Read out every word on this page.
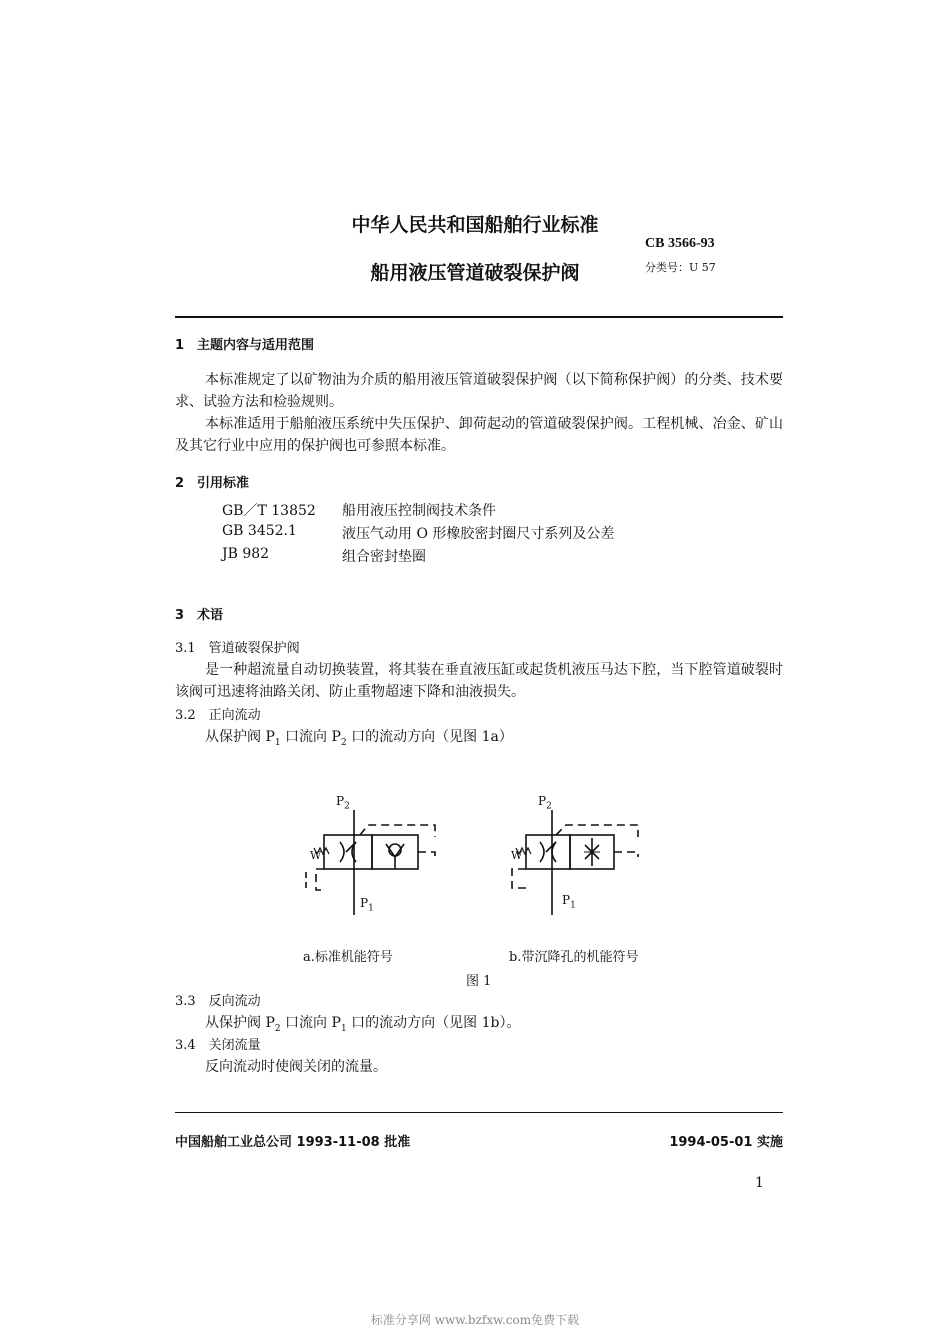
中华人民共和国船舶行业标准
CB 3566-93
船用液压管道破裂保护阀	分类号：U 57
1　主题内容与适用范围
本标准规定了以矿物油为介质的船用液压管道破裂保护阀（以下简称保护阀）的分类、技术要求、试验方法和检验规则。
本标准适用于船舶液压系统中失压保护、卸荷起动的管道破裂保护阀。工程机械、冶金、矿山及其它行业中应用的保护阀也可参照本标准。
2　引用标准
GB／T 13852 船用液压控制阀技术条件
GB 3452.1	液压气动用 O 形橡胶密封圈尺寸系列及公差
JB 982	组合密封垫圈
3　术语
3.1　管道破裂保护阀
是一种超流量自动切换装置，将其装在垂直液压缸或起货机液压马达下腔，当下腔管道破裂时该阀可迅速将油路关闭、防止重物超速下降和油液损失。
3.2　正向流动
从保护阀 $P_1$ 口流向 $P_2$ 口的流动方向（见图 1a）
$P_2$
$P_1$
W
$P_2$
$P_1$
W
a.标准机能符号	b.带沉降孔的机能符号
图 1
3.3　反向流动
从保护阀 $P_2$ 口流向 $P_1$ 口的流动方向（见图 1b）。
3.4　关闭流量
反向流动时使阀关闭的流量。
中国船舶工业总公司 1993-11-08 批准	1994-05-01 实施
1
标准分享网 www.bzfxw.com免费下载
